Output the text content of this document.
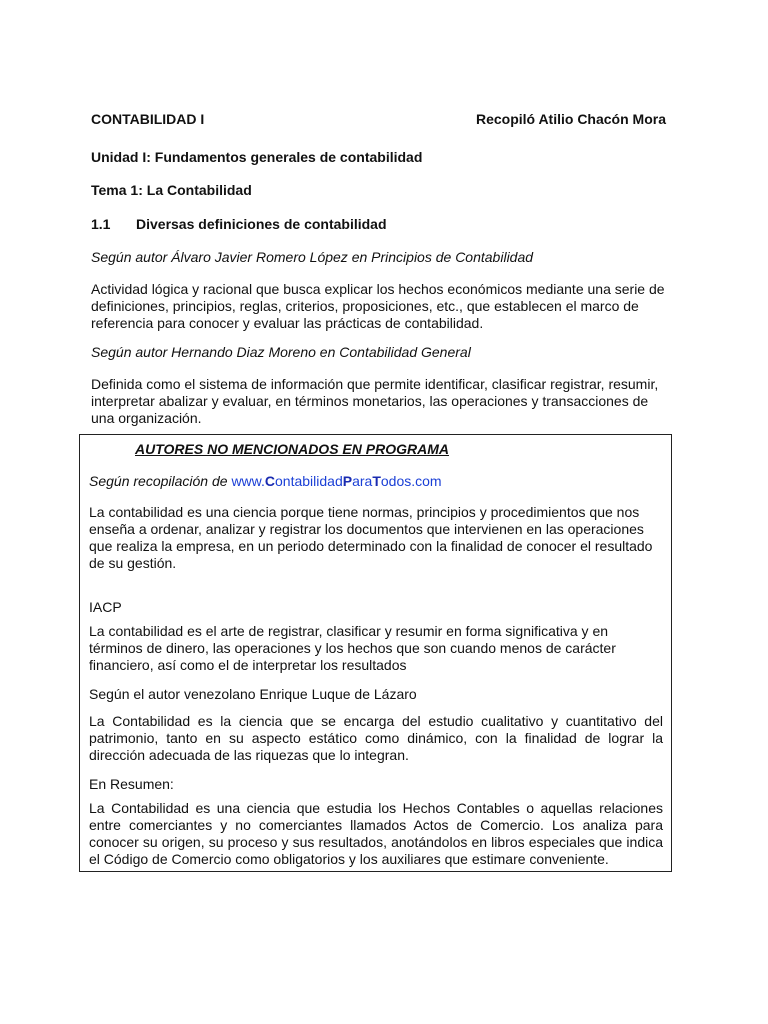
CONTABILIDAD I	Recopiló Atilio Chacón Mora
Unidad I: Fundamentos generales de contabilidad
Tema 1: La Contabilidad
1.1 Diversas definiciones de contabilidad
Según autor Álvaro Javier Romero López en Principios de Contabilidad
Actividad lógica y racional que busca explicar los hechos económicos mediante una serie de definiciones, principios, reglas, criterios, proposiciones, etc., que establecen el marco de referencia para conocer y evaluar las prácticas de contabilidad.
Según autor Hernando Diaz Moreno en Contabilidad General
Definida como el sistema de información que permite identificar, clasificar registrar, resumir, interpretar abalizar y evaluar, en términos monetarios, las operaciones y transacciones de una organización.
AUTORES NO MENCIONADOS EN PROGRAMA
Según recopilación de www.ContabilidadParaTodos.com
La contabilidad es una ciencia porque tiene normas, principios y procedimientos que nos enseña a ordenar, analizar y registrar los documentos que intervienen en las operaciones que realiza la empresa, en un periodo determinado con la finalidad de conocer el resultado de su gestión.
IACP
La contabilidad es el arte de registrar, clasificar y resumir en forma significativa y en términos de dinero, las operaciones y los hechos que son cuando menos de carácter financiero, así como el de interpretar los resultados
Según el autor venezolano Enrique Luque de Lázaro
La Contabilidad es la ciencia que se encarga del estudio cualitativo y cuantitativo del patrimonio, tanto en su aspecto estático como dinámico, con la finalidad de lograr la dirección adecuada de las riquezas que lo integran.
En Resumen:
La Contabilidad es una ciencia que estudia los Hechos Contables o aquellas relaciones entre comerciantes y no comerciantes llamados Actos de Comercio. Los analiza para conocer su origen, su proceso y sus resultados, anotándolos en libros especiales que indica el Código de Comercio como obligatorios y los auxiliares que estimare conveniente.
